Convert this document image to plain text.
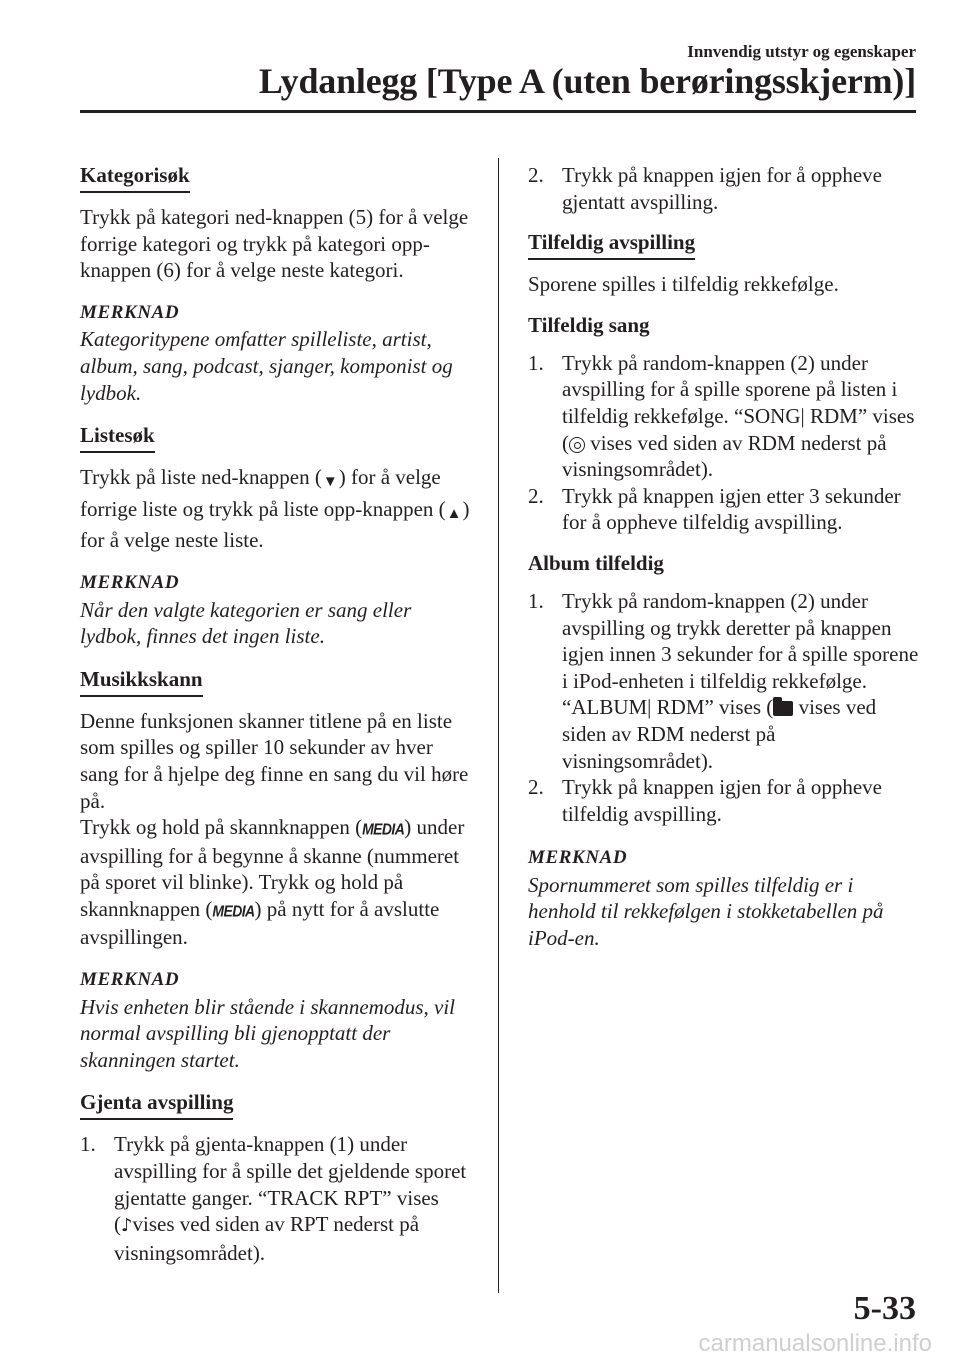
Innvendig utstyr og egenskaper
Lydanlegg [Type A (uten berøringsskjerm)]
Kategorisøk

Trykk på kategori ned-knappen (5) for å velge forrige kategori og trykk på kategori opp-knappen (6) for å velge neste kategori.

MERKNAD

Kategoritypene omfatter spilleliste, artist, album, sang, podcast, sjanger, komponist og lydbok.

Listesøk

Trykk på liste ned-knappen (▼) for å velge forrige liste og trykk på liste opp-knappen (▲) for å velge neste liste.

MERKNAD

Når den valgte kategorien er sang eller lydbok, finnes det ingen liste.

Musikkskann

Denne funksjonen skanner titlene på en liste som spilles og spiller 10 sekunder av hver sang for å hjelpe deg finne en sang du vil høre på.

Trykk og hold på skannknappen (MEDIA) under avspilling for å begynne å skanne (nummeret på sporet vil blinke). Trykk og hold på skannknappen (MEDIA) på nytt for å avslutte avspillingen.

MERKNAD

Hvis enheten blir stående i skannemodus, vil normal avspilling bli gjenopptatt der skanningen startet.

Gjenta avspilling
1. Trykk på gjenta-knappen (1) under avspilling for å spille det gjeldende sporet gjentatte ganger. “TRACK RPT” vises (♪vises ved siden av RPT nederst på visningsområdet).
2. Trykk på knappen igjen for å oppheve gjentatt avspilling.
Tilfeldig avspilling

Sporene spilles i tilfeldig rekkefølge.

Tilfeldig sang
1. Trykk på random-knappen (2) under avspilling for å spille sporene på listen i tilfeldig rekkefølge. “SONG| RDM” vises ( vises ved siden av RDM nederst på visningsområdet).
2. Trykk på knappen igjen etter 3 sekunder for å oppheve tilfeldig avspilling.
Album tilfeldig
1. Trykk på random-knappen (2) under avspilling og trykk deretter på knappen igjen innen 3 sekunder for å spille sporene i iPod-enheten i tilfeldig rekkefølge. “ALBUM| RDM” vises ( vises ved siden av RDM nederst på visningsområdet).
2. Trykk på knappen igjen for å oppheve tilfeldig avspilling.
MERKNAD

Spornummeret som spilles tilfeldig er i henhold til rekkefølgen i stokketabellen på iPod-en.

5-33
carmanualsonline.info
